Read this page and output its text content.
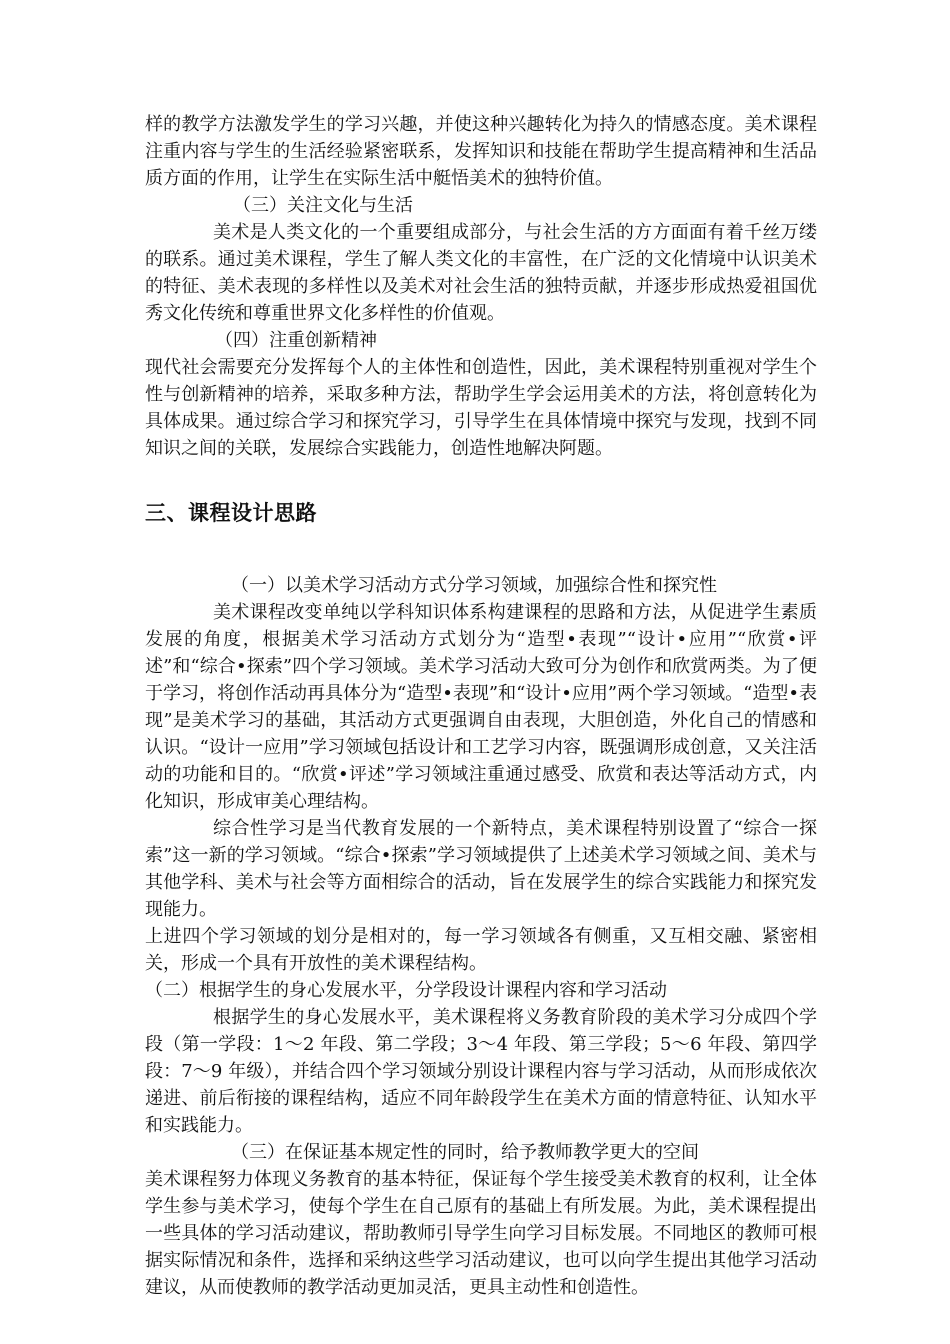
样的教学方法激发学生的学习兴趣，并使这种兴趣转化为持久的情感态度。美术课程注重内容与学生的生活经验紧密联系，发挥知识和技能在帮助学生提高精神和生活品质方面的作用，让学生在实际生活中艇悟美术的独特价值。

（三）关注文化与生活

美术是人类文化的一个重要组成部分，与社会生活的方方面面有着千丝万缕的联系。通过美术课程，学生了解人类文化的丰富性，在广泛的文化情境中认识美术的特征、美术表现的多样性以及美术对社会生活的独特贡献，并逐步形成热爱祖国优秀文化传统和尊重世界文化多样性的价值观。

（四）注重创新精神

现代社会需要充分发挥每个人的主体性和创造性，因此，美术课程特别重视对学生个性与创新精神的培养，采取多种方法，帮助学生学会运用美术的方法，将创意转化为具体成果。通过综合学习和探究学习，引导学生在具体情境中探究与发现，找到不同知识之间的关联，发展综合实践能力，创造性地解决阿题。

三、课程设计思路

（一）以美术学习活动方式分学习领域，加强综合性和探究性

美术课程改变单纯以学科知识体系构建课程的思路和方法，从促进学生素质发展的角度，根据美术学习活动方式划分为“造型•表现”“设计•应用”“欣赏•评述”和“综合•探索”四个学习领域。美术学习活动大致可分为创作和欣赏两类。为了便于学习，将创作活动再具体分为“造型•表现”和“设计•应用”两个学习领域。“造型•表现”是美术学习的基础，其活动方式更强调自由表现，大胆创造，外化自己的情感和认识。“设计一应用”学习领域包括设计和工艺学习内容，既强调形成创意，又关注活动的功能和目的。“欣赏•评述”学习领域注重通过感受、欣赏和表达等活动方式，内化知识，形成审美心理结构。

综合性学习是当代教育发展的一个新特点，美术课程特别设置了“综合一探索”这一新的学习领域。“综合•探索”学习领域提供了上述美术学习领域之间、美术与其他学科、美术与社会等方面相综合的活动，旨在发展学生的综合实践能力和探究发现能力。

上进四个学习领域的划分是相对的，每一学习领域各有侧重，又互相交融、紧密相关，形成一个具有开放性的美术课程结构。

（二）根据学生的身心发展水平，分学段设计课程内容和学习活动

根据学生的身心发展水平，美术课程将义务教育阶段的美术学习分成四个学段（第一学段：1～2 年段、第二学段；3～4 年段、第三学段；5～6 年段、第四学段：7～9 年级），并结合四个学习领域分别设计课程内容与学习活动，从而形成依次递进、前后衔接的课程结构，适应不同年龄段学生在美术方面的情意特征、认知水平和实践能力。

（三）在保证基本规定性的同时，给予教师教学更大的空间

美术课程努力体现义务教育的基本特征，保证每个学生接受美术教育的权利，让全体学生参与美术学习，使每个学生在自己原有的基础上有所发展。为此，美术课程提出一些具体的学习活动建议，帮助教师引导学生向学习目标发展。不同地区的教师可根据实际情况和条件，选择和采纳这些学习活动建议，也可以向学生提出其他学习活动建议，从而使教师的教学活动更加灵活，更具主动性和创造性。
